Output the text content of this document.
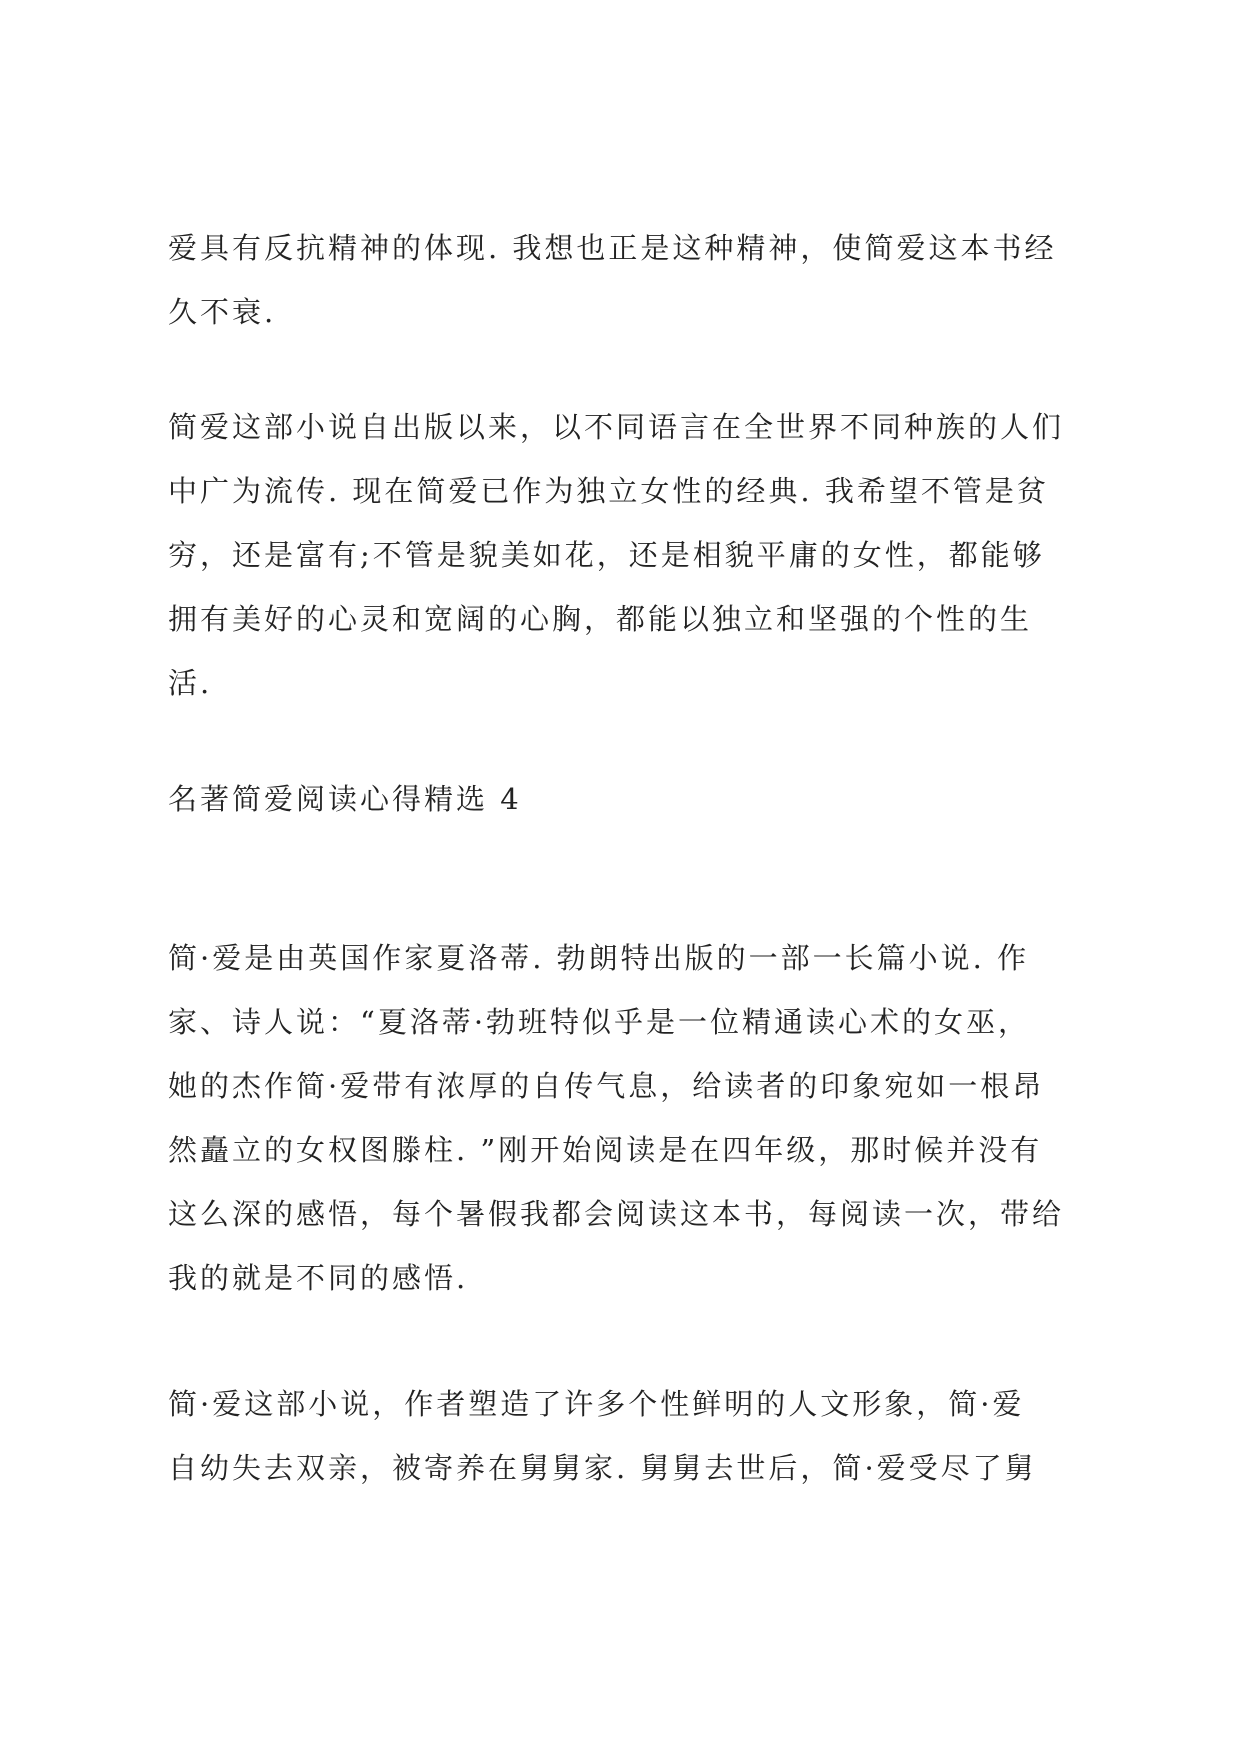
爱具有反抗精神的体现. 我想也正是这种精神，使简爱这本书经
久不衰.
简爱这部小说自出版以来，以不同语言在全世界不同种族的人们
中广为流传. 现在简爱已作为独立女性的经典. 我希望不管是贫
穷，还是富有;不管是貌美如花，还是相貌平庸的女性，都能够
拥有美好的心灵和宽阔的心胸，都能以独立和坚强的个性的生
活.
名著简爱阅读心得精选 4
简·爱是由英国作家夏洛蒂. 勃朗特出版的一部一长篇小说. 作
家、诗人说：“夏洛蒂·勃班特似乎是一位精通读心术的女巫，
她的杰作简·爱带有浓厚的自传气息，给读者的印象宛如一根昂
然矗立的女权图滕柱. ”刚开始阅读是在四年级，那时候并没有
这么深的感悟，每个暑假我都会阅读这本书，每阅读一次，带给
我的就是不同的感悟.
简·爱这部小说，作者塑造了许多个性鲜明的人文形象，简·爱
自幼失去双亲，被寄养在舅舅家. 舅舅去世后，简·爱受尽了舅
